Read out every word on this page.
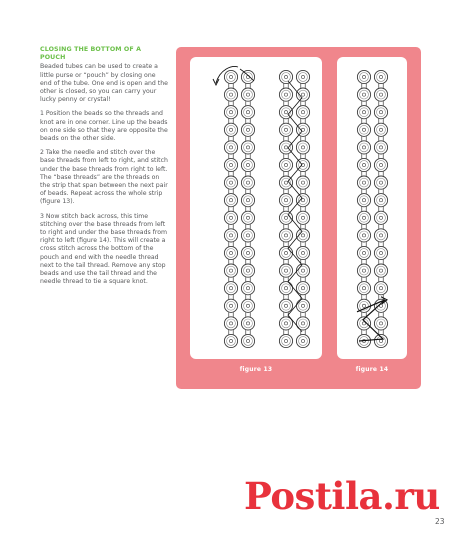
CLOSING THE BOTTOM OF A POUCH

Beaded tubes can be used to create a little purse or “pouch” by closing one end of the tube. One end is open and the other is closed, so you can carry your lucky penny or crystal!

1 Position the beads so the threads and knot are in one corner. Line up the beads on one side so that they are opposite the beads on the other side.

2 Take the needle and stitch over the base threads from left to right, and stitch under the base threads from right to left. The “base threads” are the threads on the strip that span between the next pair of beads. Repeat across the whole strip (figure 13).

3 Now stitch back across, this time stitching over the base threads from left to right and under the base threads from right to left (figure 14). This will create a cross stitch across the bottom of the pouch and end with the needle thread next to the tail thread. Remove any stop beads and use the tail thread and the needle thread to tie a square knot.

figure 13	figure 14
Postila.ru
23
